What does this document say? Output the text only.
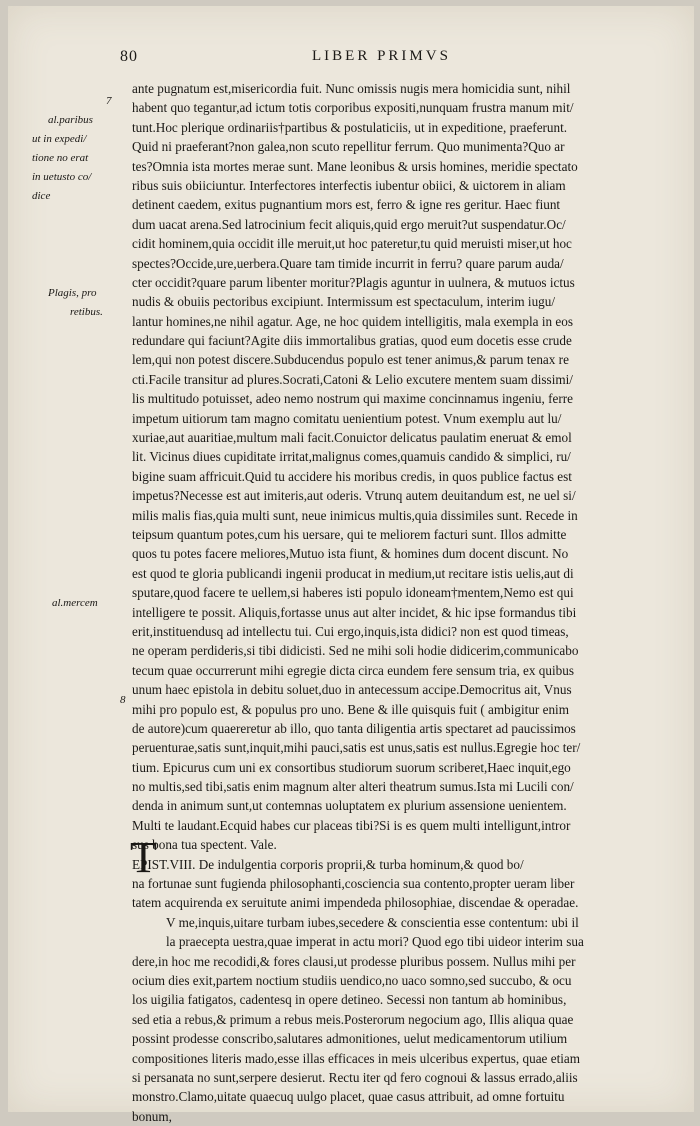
80	LIBER PRIMVS
7
al.paribus
ut in expedi/
tione no erat
in uetusto co/
dice
Plagis, pro
retibus.
al.mercem
8
T
ante pugnatum est,misericordia fuit. Nunc omissis nugis mera homicidia sunt, nihil
habent quo tegantur,ad ictum totis corporibus expositi,nunquam frustra manum mit/
tunt.Hoc plerique ordinariis†partibus & postulaticiis, ut in expeditione, praeferunt.
Quid ni praeferant?non galea,non scuto repellitur ferrum. Quo munimenta?Quo ar
tes?Omnia ista mortes merae sunt. Mane leonibus & ursis homines, meridie spectato
ribus suis obiiciuntur. Interfectores interfectis iubentur obiici, & uictorem in aliam
detinent caedem, exitus pugnantium mors est, ferro & igne res geritur. Haec fiunt
dum uacat arena.Sed latrocinium fecit aliquis,quid ergo meruit?ut suspendatur.Oc/
cidit hominem,quia occidit ille meruit,ut hoc pateretur,tu quid meruisti miser,ut hoc
spectes?Occide,ure,uerbera.Quare tam timide incurrit in ferru? quare parum auda/
cter occidit?quare parum libenter moritur?Plagis aguntur in uulnera, & mutuos ictus
nudis & obuiis pectoribus excipiunt. Intermissum est spectaculum, interim iugu/
lantur homines,ne nihil agatur. Age, ne hoc quidem intelligitis, mala exempla in eos
redundare qui faciunt?Agite diis immortalibus gratias, quod eum docetis esse crude
lem,qui non potest discere.Subducendus populo est tener animus,& parum tenax re
cti.Facile transitur ad plures.Socrati,Catoni & Lelio excutere mentem suam dissimi/
lis multitudo potuisset, adeo nemo nostrum qui maxime concinnamus ingeniu, ferre
impetum uitiorum tam magno comitatu uenientium potest. Vnum exemplu aut lu/
xuriae,aut auaritiae,multum mali facit.Conuictor delicatus paulatim eneruat & emol
lit. Vicinus diues cupiditate irritat,malignus comes,quamuis candido & simplici, ru/
bigine suam affricuit.Quid tu accidere his moribus credis, in quos publice factus est
impetus?Necesse est aut imiteris,aut oderis. Vtrunq autem deuitandum est, ne uel si/
milis malis fias,quia multi sunt, neue inimicus multis,quia dissimiles sunt. Recede in
teipsum quantum potes,cum his uersare, qui te meliorem facturi sunt. Illos admitte
quos tu potes facere meliores,Mutuo ista fiunt, & homines dum docent discunt. No
est quod te gloria publicandi ingenii producat in medium,ut recitare istis uelis,aut di
sputare,quod facere te uellem,si haberes isti populo idoneam†mentem,Nemo est qui
intelligere te possit. Aliquis,fortasse unus aut alter incidet, & hic ipse formandus tibi
erit,instituendusq ad intellectu tui. Cui ergo,inquis,ista didici? non est quod timeas,
ne operam perdideris,si tibi didicisti. Sed ne mihi soli hodie didicerim,communicabo
tecum quae occurrerunt mihi egregie dicta circa eundem fere sensum tria, ex quibus
unum haec epistola in debitu soluet,duo in antecessum accipe.Democritus ait, Vnus
mihi pro populo est, & populus pro uno. Bene & ille quisquis fuit ( ambigitur enim
de autore)cum quaereretur ab illo, quo tanta diligentia artis spectaret ad paucissimos
peruenturae,satis sunt,inquit,mihi pauci,satis est unus,satis est nullus.Egregie hoc ter/
tium. Epicurus cum uni ex consortibus studiorum suorum scriberet,Haec inquit,ego
no multis,sed tibi,satis enim magnum alter alteri theatrum sumus.Ista mi Lucili con/
denda in animum sunt,ut contemnas uoluptatem ex plurium assensione uenientem.
Multi te laudant.Ecquid habes cur placeas tibi?Si is es quem multi intelligunt,intror
sus bona tua spectent. Vale.
EPIST.VIII. De indulgentia corporis proprii,& turba hominum,& quod bo/
na fortunae sunt fugienda philosophanti,cosciencia sua contento,propter ueram liber
tatem acquirenda ex seruitute animi impendeda philosophiae, discendae & operadae.
V me,inquis,uitare turbam iubes,secedere & conscientia esse contentum: ubi il
la praecepta uestra,quae imperat in actu mori? Quod ego tibi uideor interim sua
dere,in hoc me recodidi,& fores clausi,ut prodesse pluribus possem. Nullus mihi per
ocium dies exit,partem noctium studiis uendico,no uaco somno,sed succubo, & ocu
los uigilia fatigatos, cadentesq in opere detineo. Secessi non tantum ab hominibus,
sed etia a rebus,& primum a rebus meis.Posterorum negocium ago, Illis aliqua quae
possint prodesse conscribo,salutares admonitiones, uelut medicamentorum utilium
compositiones literis mado,esse illas efficaces in meis ulceribus expertus, quae etiam
si persanata no sunt,serpere desierut. Rectu iter qd fero cognoui & lassus errado,aliis
monstro.Clamo,uitate quaecuq uulgo placet, quae casus attribuit, ad omne fortuitu
bonum,
